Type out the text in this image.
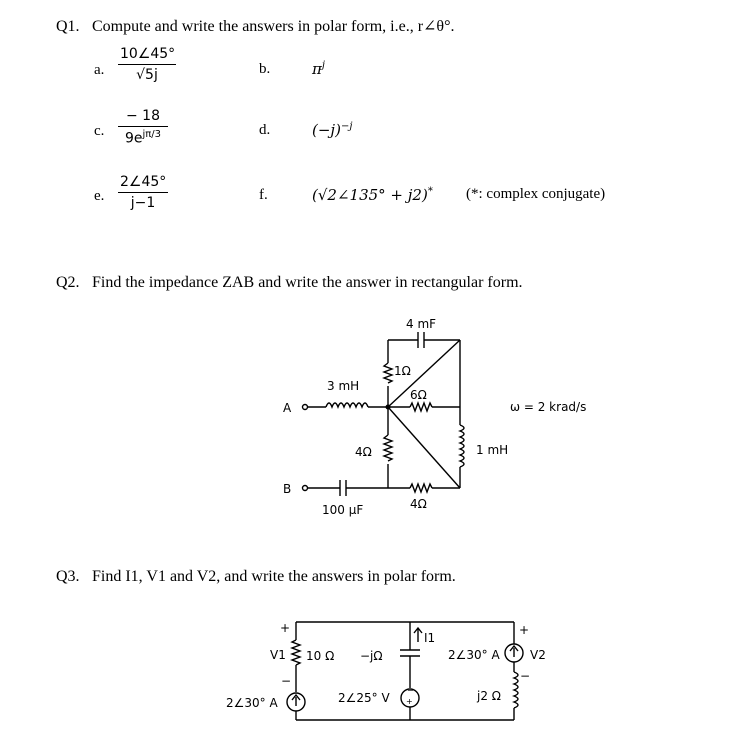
Q1. Compute and write the answers in polar form, i.e., r∠θ°.
a.
10∠45°
√5j	b.	$\pi^j$
c.
− 18
$9e^{j\pi/3}$	d.	$(-j)^{-j}$
e.
2∠45°
j−1	f.	(√2∠135° + j2)* (*: complex conjugate)
Q2. Find the impedance ZAB and write the answer in rectangular form.
A
B
3 mH
4 mF
1Ω
6Ω
4Ω	1 mH
4Ω
100 µF
ω = 2 krad/s
+
V1
−
10 Ω −jΩ
I1
2∠30° A
+
V2
−
2∠30° A	2∠25° V	j2 Ω
−
+
Q3. Find I1, V1 and V2, and write the answers in polar form.
